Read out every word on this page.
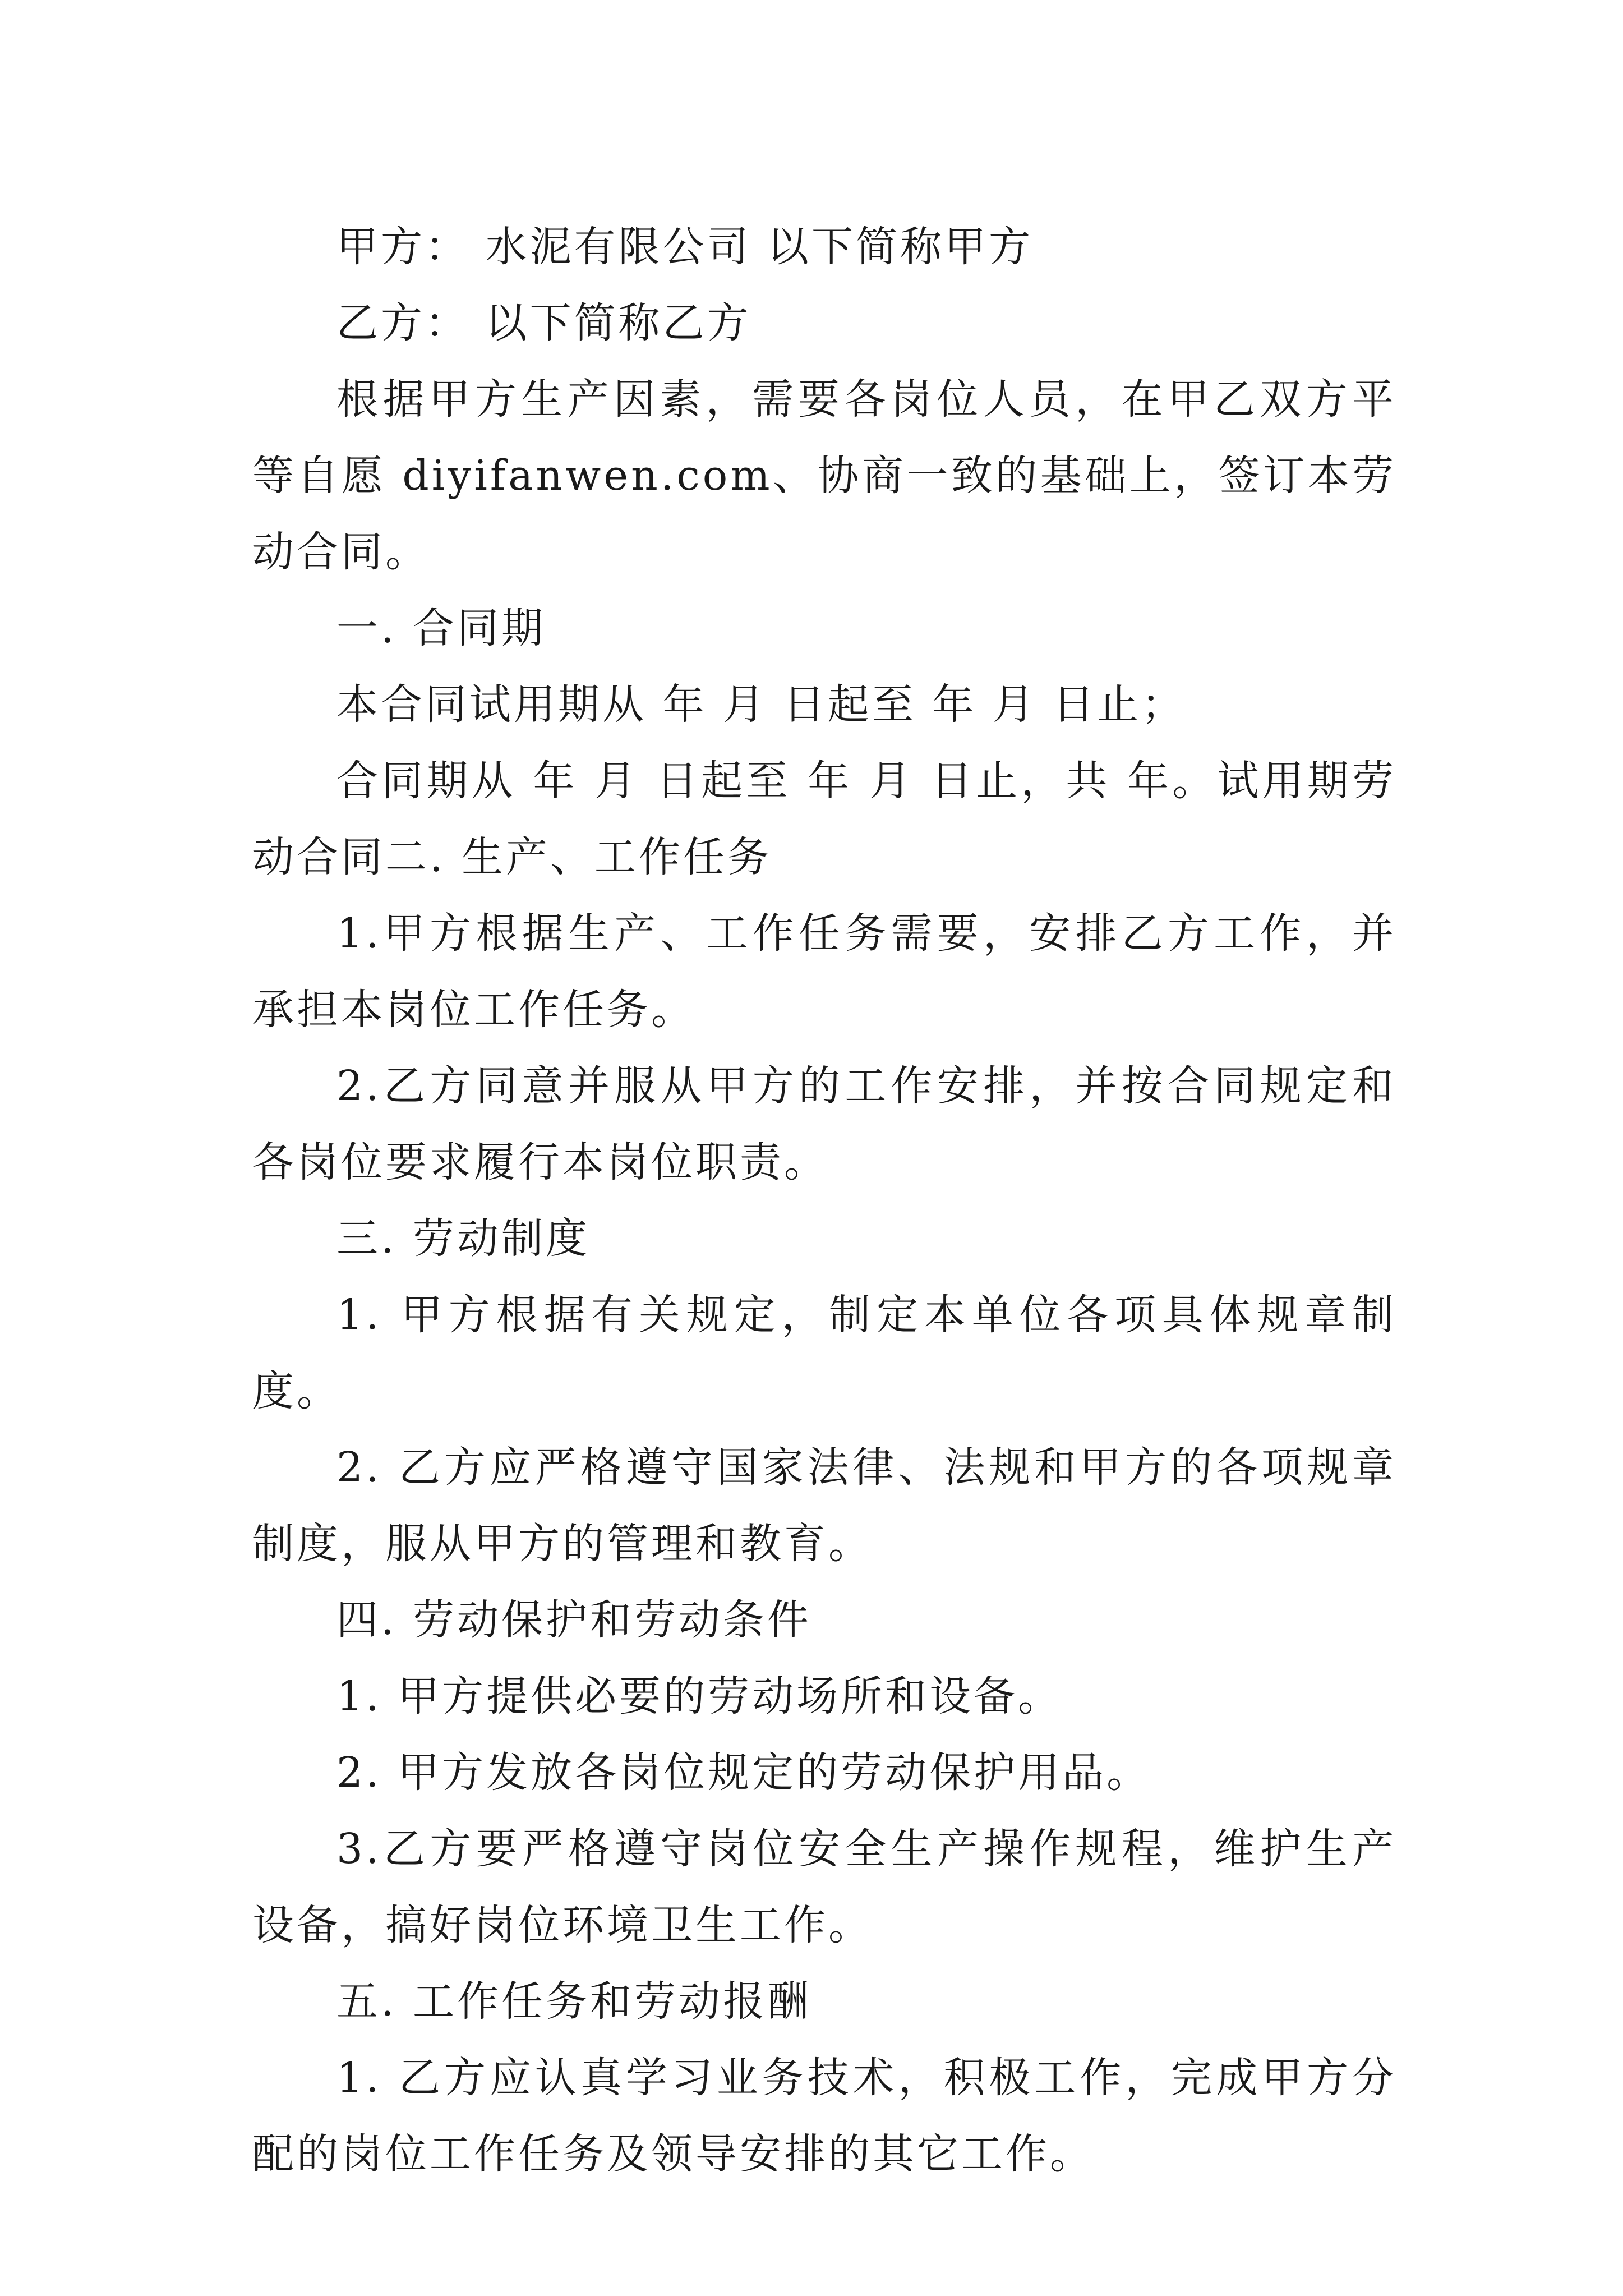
甲方： 水泥有限公司 以下简称甲方

乙方： 以下简称乙方

根据甲方生产因素，需要各岗位人员，在甲乙双方平等自愿 diyifanwen.com、协商一致的基础上，签订本劳动合同。

一. 合同期

本合同试用期从 年 月 日起至 年 月 日止；

合同期从 年 月 日起至 年 月 日止，共 年。试用期劳动合同二. 生产、工作任务

1.甲方根据生产、工作任务需要，安排乙方工作，并承担本岗位工作任务。

2.乙方同意并服从甲方的工作安排，并按合同规定和各岗位要求履行本岗位职责。

三. 劳动制度

1. 甲方根据有关规定，制定本单位各项具体规章制度。

2. 乙方应严格遵守国家法律、法规和甲方的各项规章制度，服从甲方的管理和教育。

四. 劳动保护和劳动条件

1. 甲方提供必要的劳动场所和设备。

2. 甲方发放各岗位规定的劳动保护用品。

3.乙方要严格遵守岗位安全生产操作规程，维护生产设备，搞好岗位环境卫生工作。

五. 工作任务和劳动报酬

1. 乙方应认真学习业务技术，积极工作，完成甲方分配的岗位工作任务及领导安排的其它工作。
